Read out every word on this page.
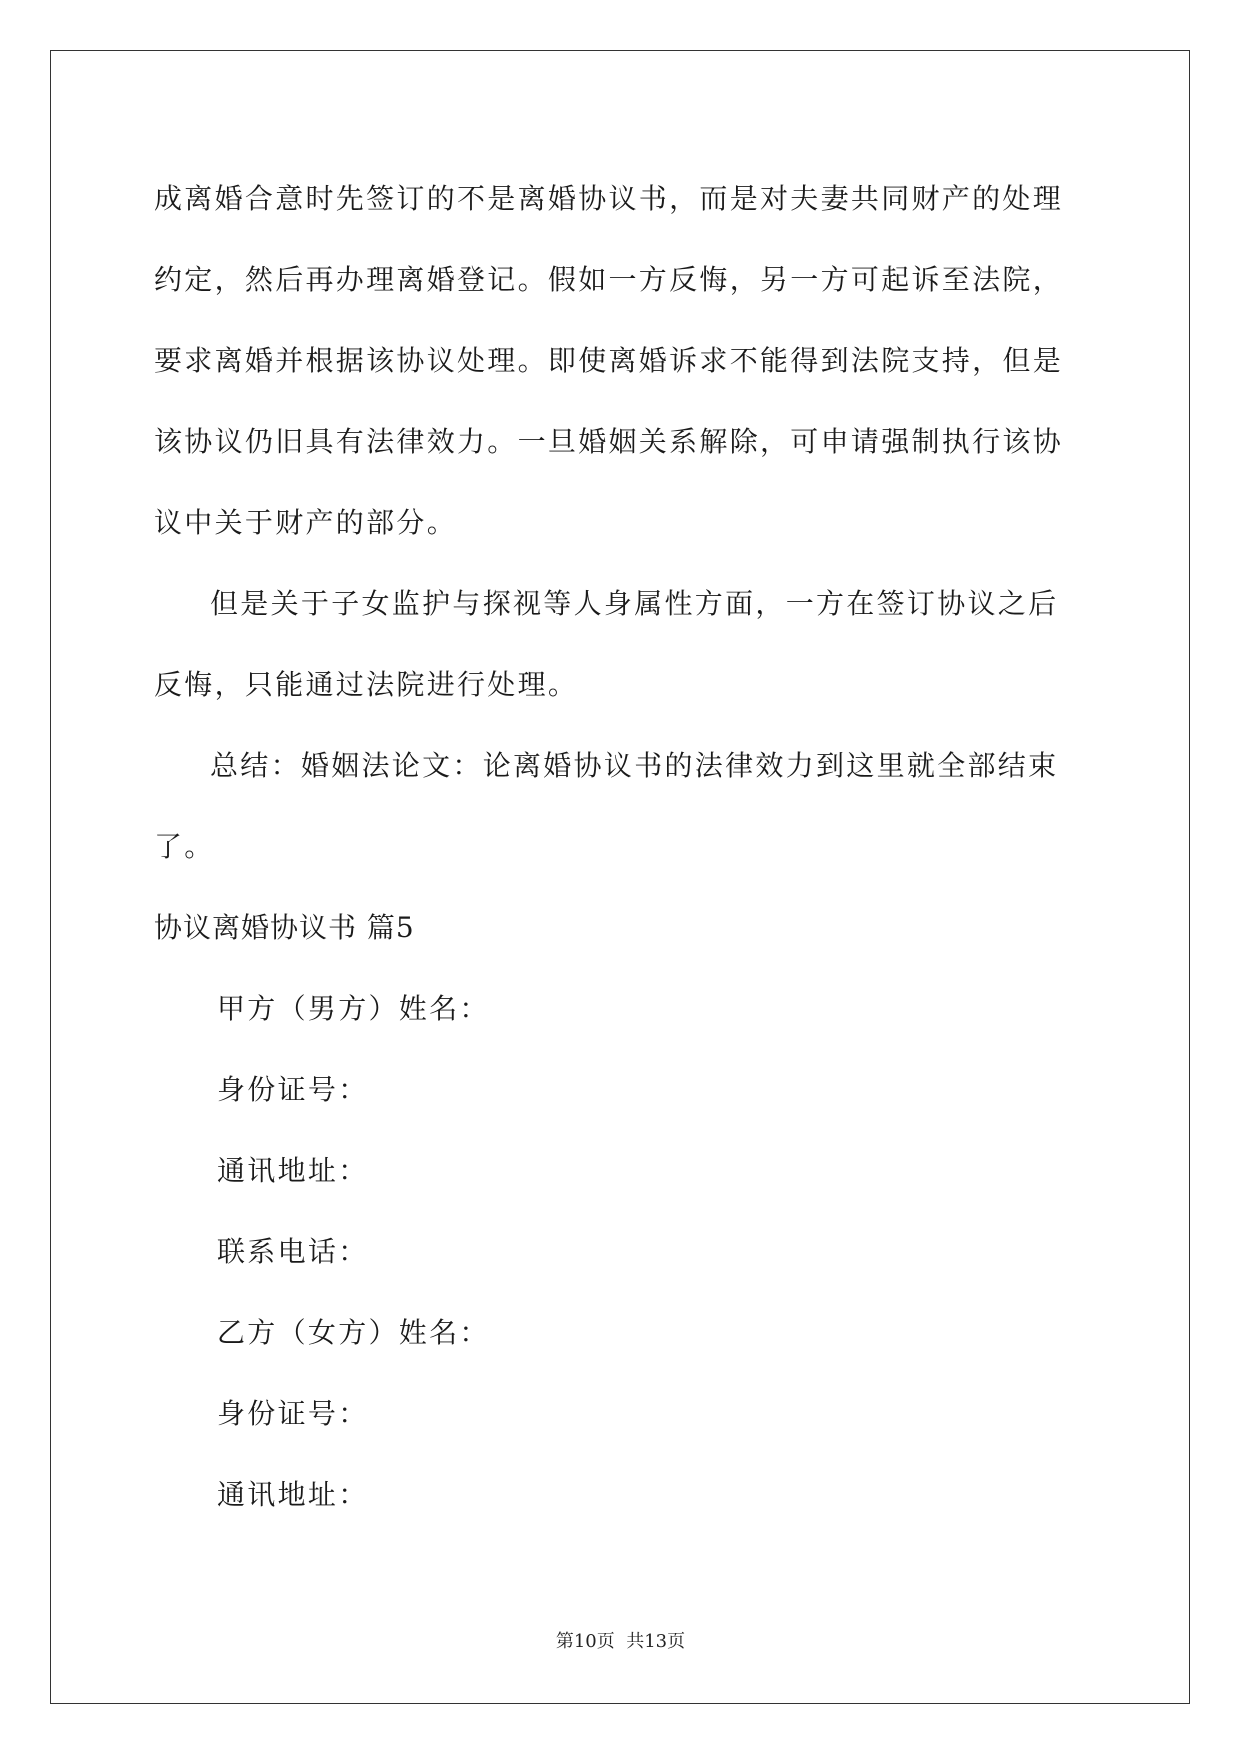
成离婚合意时先签订的不是离婚协议书，而是对夫妻共同财产的处理
约定，然后再办理离婚登记。假如一方反悔，另一方可起诉至法院，
要求离婚并根据该协议处理。即使离婚诉求不能得到法院支持，但是
该协议仍旧具有法律效力。一旦婚姻关系解除，可申请强制执行该协
议中关于财产的部分。
但是关于子女监护与探视等人身属性方面，一方在签订协议之后
反悔，只能通过法院进行处理。
总结：婚姻法论文：论离婚协议书的法律效力到这里就全部结束
了。
协议离婚协议书 篇5
甲方（男方）姓名：
身份证号：
通讯地址：
联系电话：
乙方（女方）姓名：
身份证号：
通讯地址：
第10页  共13页
